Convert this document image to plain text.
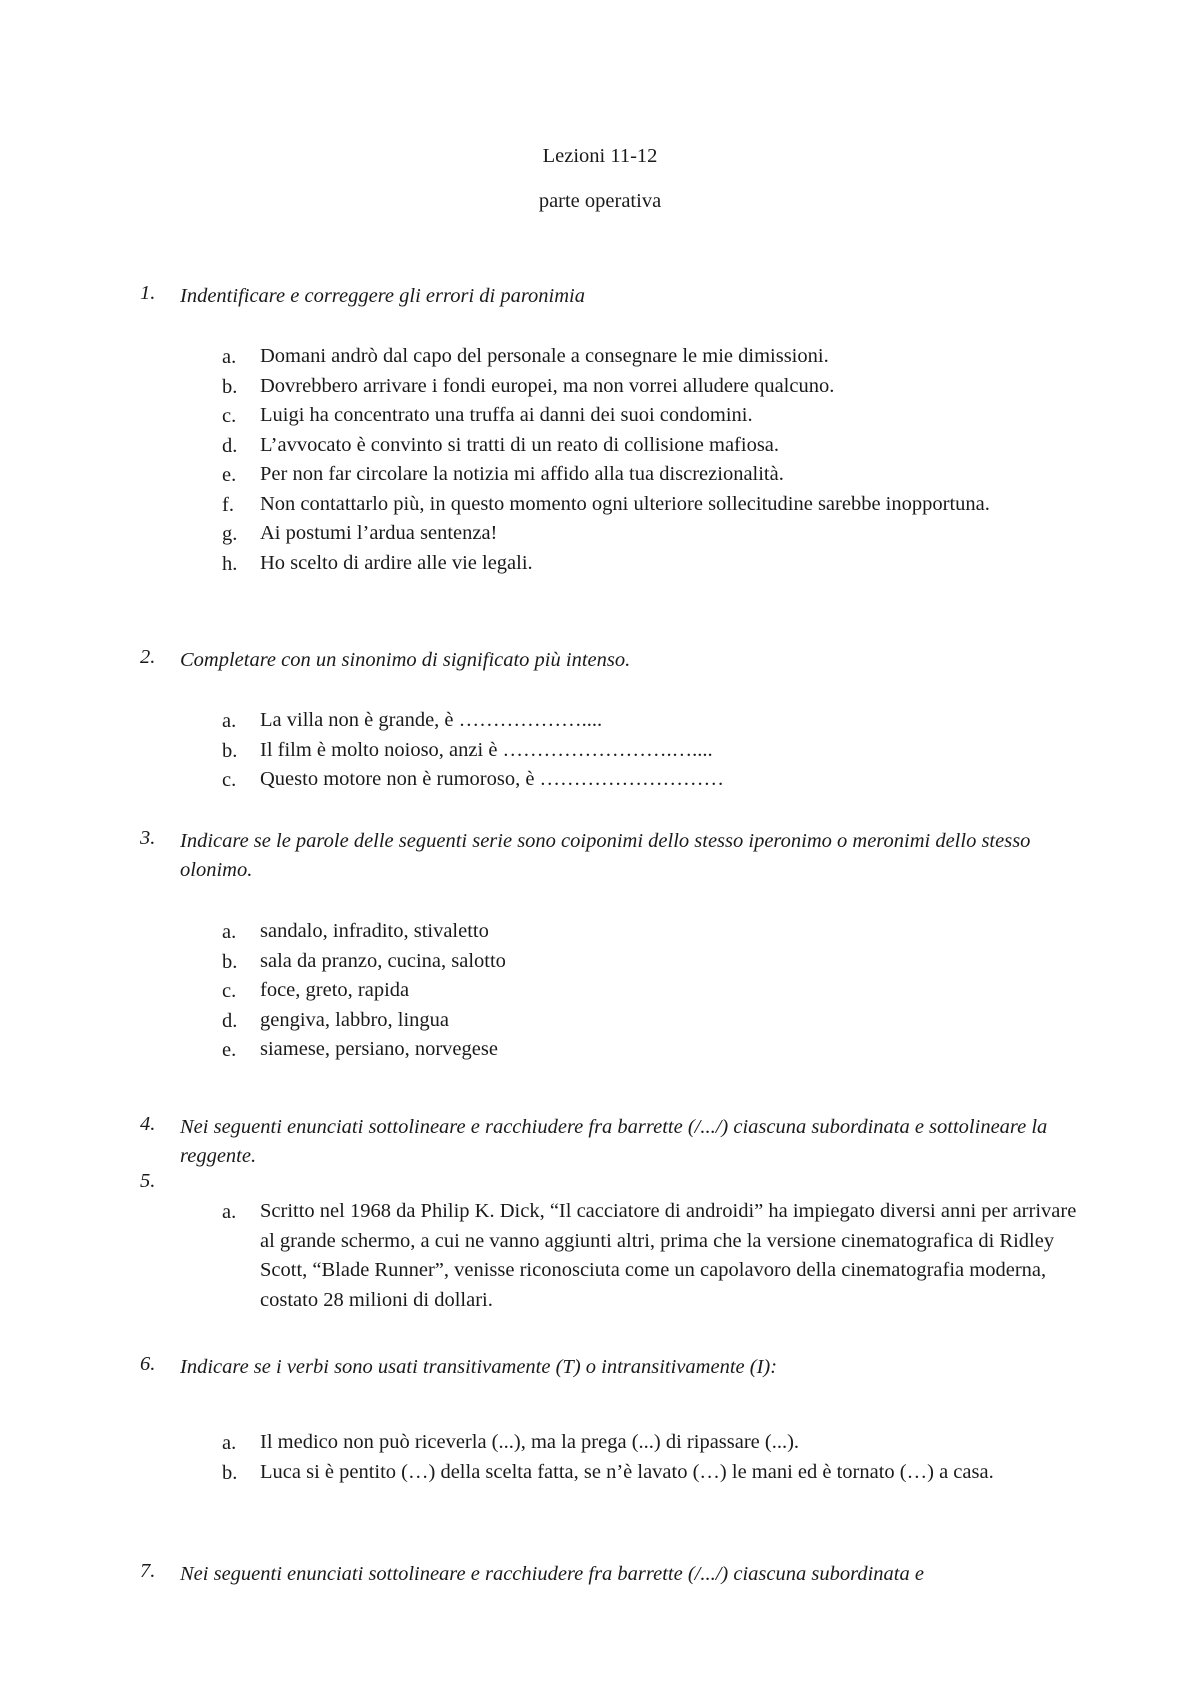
Lezioni 11-12
parte operativa
1.	Indentificare e correggere gli errori di paronimia
a.	Domani andrò dal capo del personale a consegnare le mie dimissioni.
b.	Dovrebbero arrivare i fondi europei, ma non vorrei alludere qualcuno.
c.	Luigi ha concentrato una truffa ai danni dei suoi condomini.
d.	L’avvocato è convinto si tratti di un reato di collisione mafiosa.
e.	Per non far circolare la notizia mi affido alla tua discrezionalità.
f.	Non contattarlo più, in questo momento ogni ulteriore sollecitudine sarebbe inopportuna.
g.	Ai postumi l’ardua sentenza!
h.	Ho scelto di ardire alle vie legali.
2.	Completare con un sinonimo di significato più intenso.
a.	La villa non è grande, è ………………....
b.	Il film è molto noioso, anzi è …………………….…....
c.	Questo motore non è rumoroso, è ………………………
3.	Indicare se le parole delle seguenti serie sono coiponimi dello stesso iperonimo o meronimi dello stesso olonimo.
a.	sandalo, infradito, stivaletto
b.	sala da pranzo, cucina, salotto
c.	foce, greto, rapida
d.	gengiva, labbro, lingua
e.	siamese, persiano, norvegese
4.	Nei seguenti enunciati sottolineare e racchiudere fra barrette (/.../) ciascuna subordinata e sottolineare la reggente.
5.
a.	Scritto nel 1968 da Philip K. Dick, “Il cacciatore di androidi” ha impiegato diversi anni per arrivare al grande schermo, a cui ne vanno aggiunti altri, prima che la versione cinematografica di Ridley Scott, “Blade Runner”, venisse riconosciuta come un capolavoro della cinematografia moderna, costato 28 milioni di dollari.
6.	Indicare se i verbi sono usati transitivamente (T) o intransitivamente (I):
a.	Il medico non può riceverla (...), ma la prega (...) di ripassare (...).
b.	Luca si è pentito (…) della scelta fatta, se n’è lavato (…) le mani ed è tornato (…) a casa.
7.	Nei seguenti enunciati sottolineare e racchiudere fra barrette (/.../) ciascuna subordinata e
